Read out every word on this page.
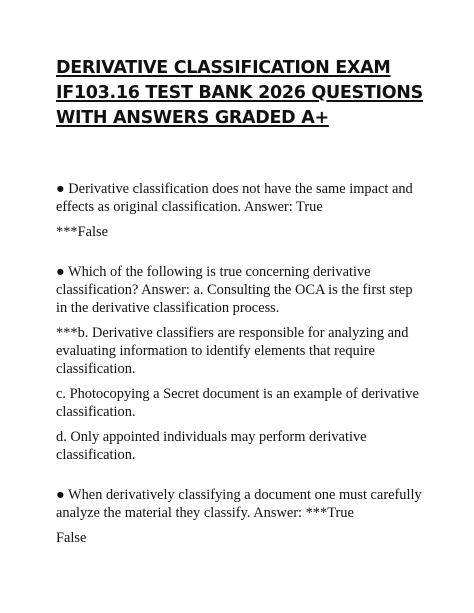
DERIVATIVE CLASSIFICATION EXAM IF103.16 TEST BANK 2026 QUESTIONS WITH ANSWERS GRADED A+

● Derivative classification does not have the same impact and effects as original classification. Answer: True

***False

● Which of the following is true concerning derivative classification? Answer: a. Consulting the OCA is the first step in the derivative classification process.

***b. Derivative classifiers are responsible for analyzing and evaluating information to identify elements that require classification.

c. Photocopying a Secret document is an example of derivative classification.

d. Only appointed individuals may perform derivative classification.

● When derivatively classifying a document one must carefully analyze the material they classify. Answer: ***True

False
